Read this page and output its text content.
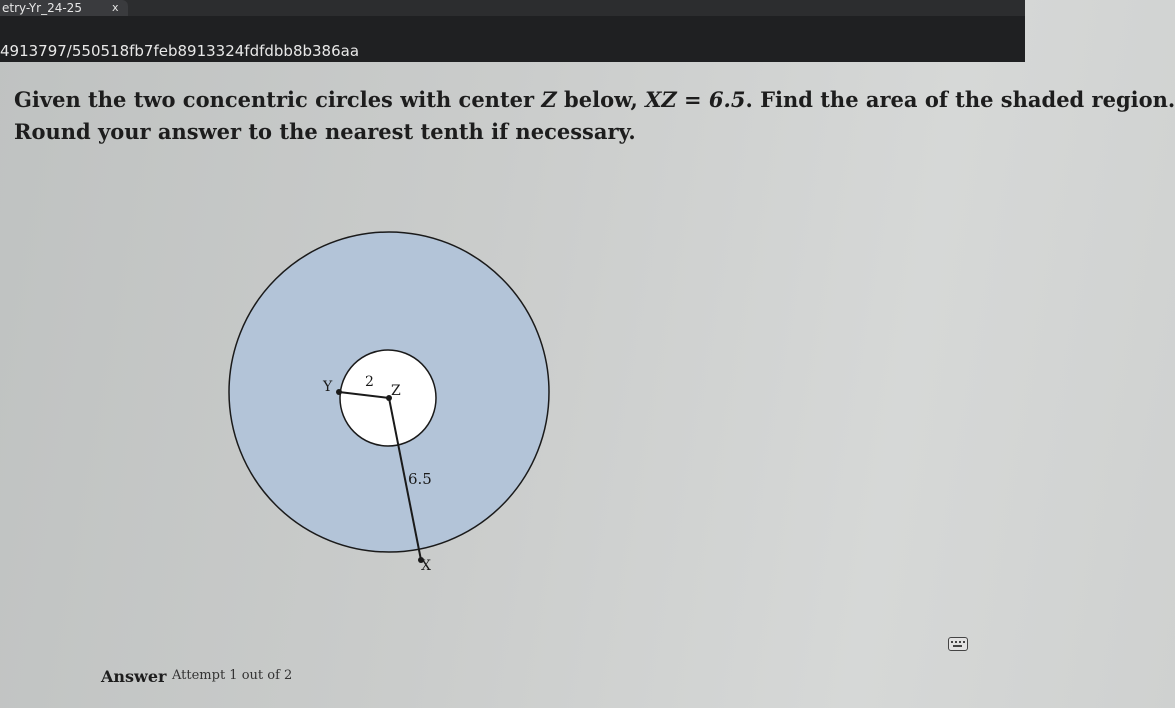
etry-Yr_24-25	x
4913797/550518fb7feb8913324fdfdbb8b386aa
Given the two concentric circles with center Z below, XZ = 6.5. Find the area of the shaded region.
Round your answer to the nearest tenth if necessary.
Y 2
Z
6.5
X
Answer Attempt 1 out of 2
